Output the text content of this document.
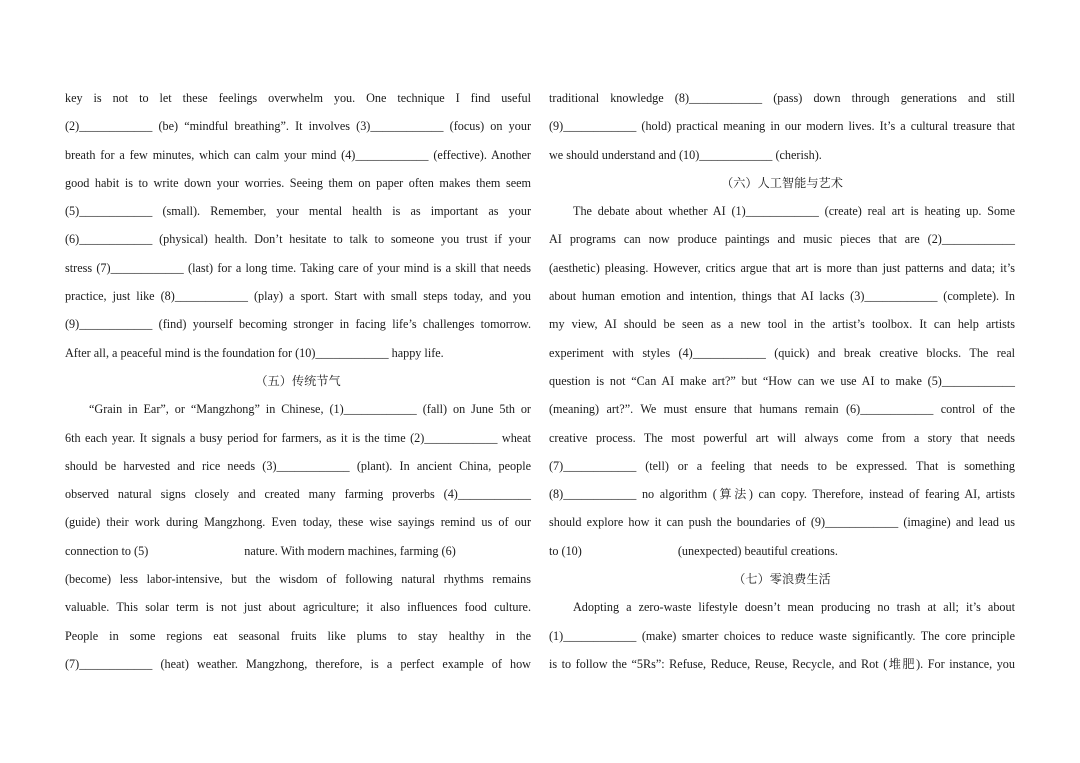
key is not to let these feelings overwhelm you. One technique I find useful

(2)____________ (be) “mindful breathing”. It involves (3)____________ (focus) on your

breath for a few minutes, which can calm your mind (4)____________ (effective). Another

good habit is to write down your worries. Seeing them on paper often makes them seem

(5)____________ (small). Remember, your mental health is as important as your

(6)____________ (physical) health. Don’t hesitate to talk to someone you trust if your

stress (7)____________ (last) for a long time. Taking care of your mind is a skill that needs

practice, just like (8)____________ (play) a sport. Start with small steps today, and you

(9)____________ (find) yourself becoming stronger in facing life’s challenges tomorrow.

After all, a peaceful mind is the foundation for (10)____________ happy life.

（五）传统节气

“Grain in Ear”, or “Mangzhong” in Chinese, (1)____________ (fall) on June 5th or

6th each year. It signals a busy period for farmers, as it is the time (2)____________ wheat

should be harvested and rice needs (3)____________ (plant). In ancient China, people

observed natural signs closely and created many farming proverbs (4)____________

(guide) their work during Mangzhong. Even today, these wise sayings remind us of our

connection to (5)	nature. With modern machines, farming (6)

(become) less labor-intensive, but the wisdom of following natural rhythms remains

valuable. This solar term is not just about agriculture; it also influences food culture.

People in some regions eat seasonal fruits like plums to stay healthy in the

(7)____________ (heat) weather. Mangzhong, therefore, is a perfect example of how

traditional knowledge (8)____________ (pass) down through generations and still

(9)____________ (hold) practical meaning in our modern lives. It’s a cultural treasure that

we should understand and (10)____________ (cherish).

（六）人工智能与艺术

The debate about whether AI (1)____________ (create) real art is heating up. Some

AI programs can now produce paintings and music pieces that are (2)____________

(aesthetic) pleasing. However, critics argue that art is more than just patterns and data; it’s

about human emotion and intention, things that AI lacks (3)____________ (complete). In

my view, AI should be seen as a new tool in the artist’s toolbox. It can help artists

experiment with styles (4)____________ (quick) and break creative blocks. The real

question is not “Can AI make art?” but “How can we use AI to make (5)____________

(meaning) art?”. We must ensure that humans remain (6)____________ control of the

creative process. The most powerful art will always come from a story that needs

(7)____________ (tell) or a feeling that needs to be expressed. That is something

(8)____________ no algorithm (算法) can copy. Therefore, instead of fearing AI, artists

should explore how it can push the boundaries of (9)____________ (imagine) and lead us

to (10)	(unexpected) beautiful creations.

（七）零浪费生活

Adopting a zero-waste lifestyle doesn’t mean producing no trash at all; it’s about

(1)____________ (make) smarter choices to reduce waste significantly. The core principle

is to follow the “5Rs”: Refuse, Reduce, Reuse, Recycle, and Rot (堆肥). For instance, you
